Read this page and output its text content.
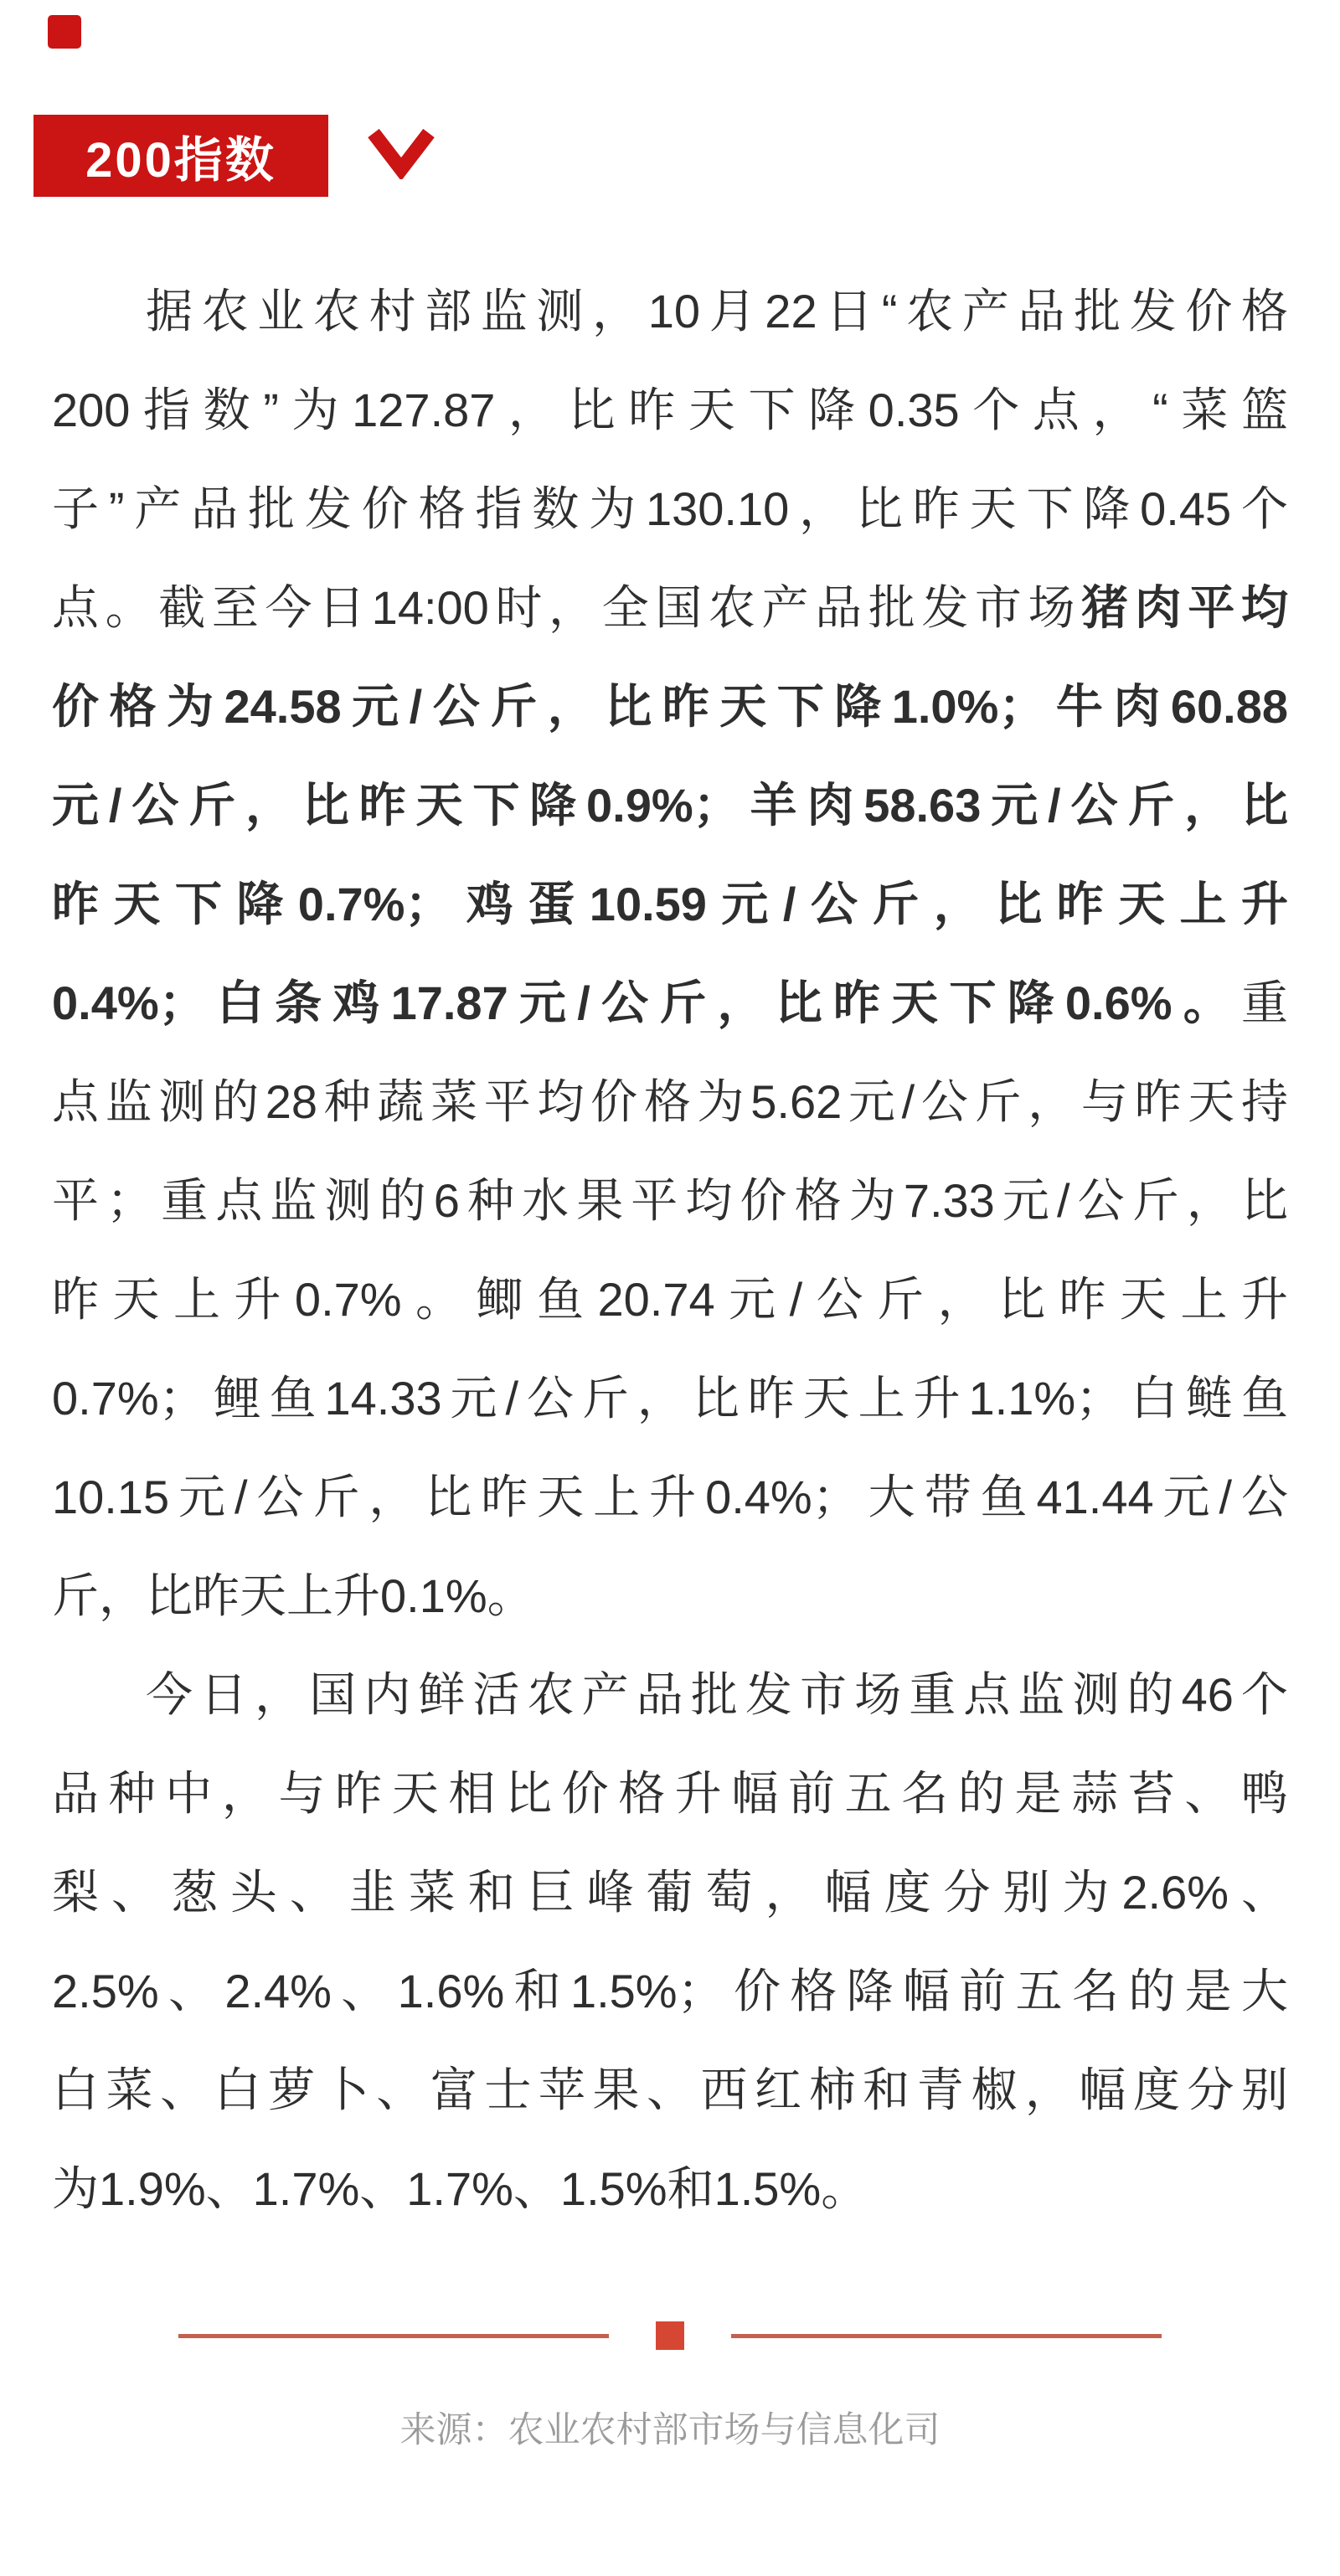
200指数
据农业农村部监测，10月22日“农产品批发价格
200指数”为127.87，比昨天下降0.35个点，“菜篮
子”产品批发价格指数为130.10，比昨天下降0.45个
点。截至今日14:00时，全国农产品批发市场猪肉平均
价格为24.58元/公斤，比昨天下降1.0%；牛肉60.88
元/公斤，比昨天下降0.9%；羊肉58.63元/公斤，比
昨天下降0.7%；鸡蛋10.59元/公斤，比昨天上升
0.4%；白条鸡17.87元/公斤，比昨天下降0.6%。重
点监测的28种蔬菜平均价格为5.62元/公斤，与昨天持
平；重点监测的6种水果平均价格为7.33元/公斤，比
昨天上升0.7%。鲫鱼20.74元/公斤，比昨天上升
0.7%；鲤鱼14.33元/公斤，比昨天上升1.1%；白鲢鱼
10.15元/公斤，比昨天上升0.4%；大带鱼41.44元/公
斤，比昨天上升0.1%。
今日，国内鲜活农产品批发市场重点监测的46个
品种中，与昨天相比价格升幅前五名的是蒜苔、鸭
梨、葱头、韭菜和巨峰葡萄，幅度分别为2.6%、
2.5%、2.4%、1.6%和1.5%；价格降幅前五名的是大
白菜、白萝卜、富士苹果、西红柿和青椒，幅度分别
为1.9%、1.7%、1.7%、1.5%和1.5%。
来源：农业农村部市场与信息化司
